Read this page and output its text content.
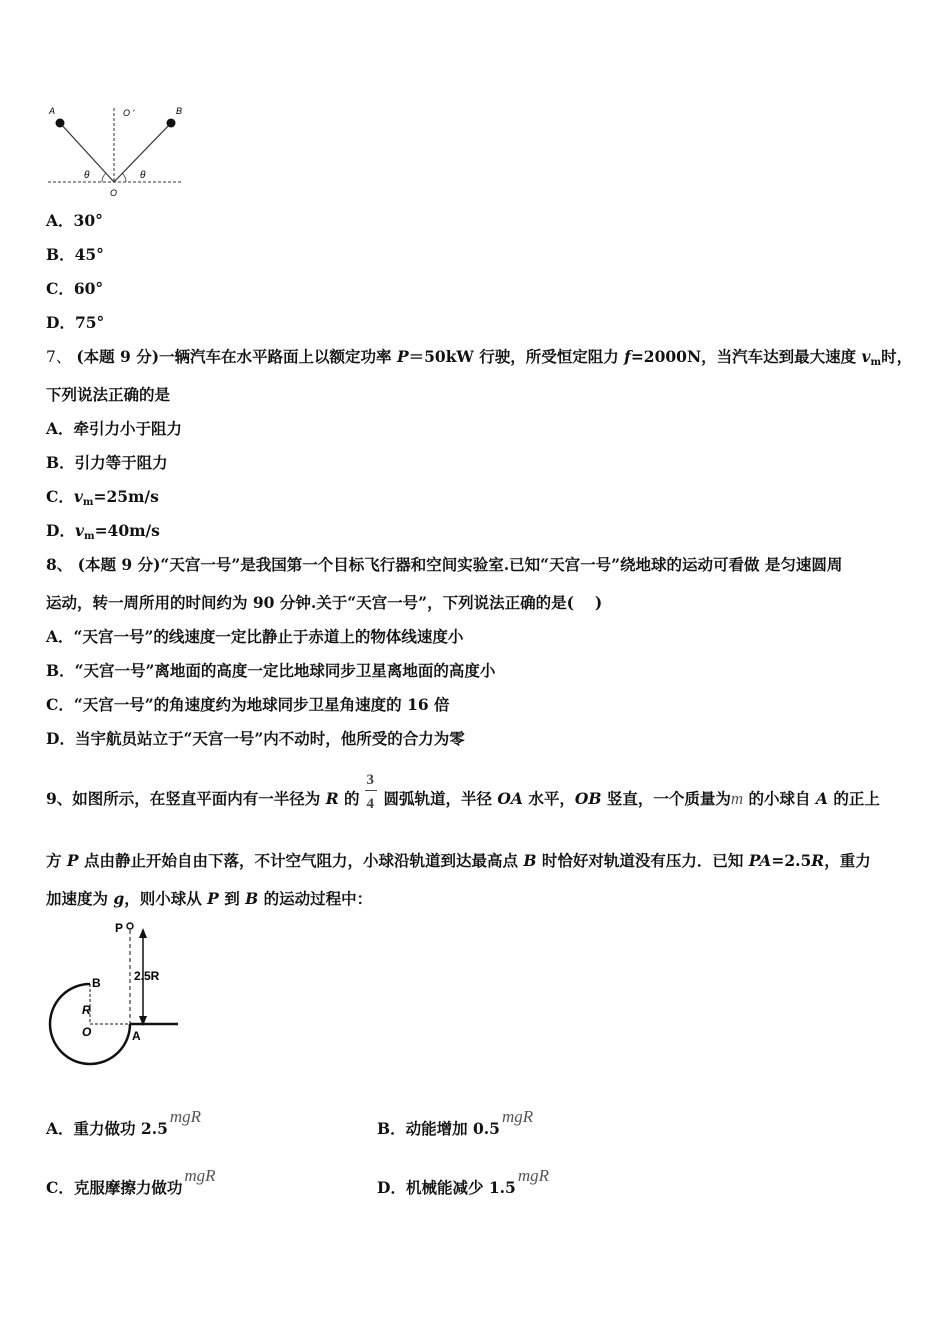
A	B
O '
O
θ	θ
A．30°
B．45°
C．60°
D．75°
7、 (本题 9 分)一辆汽车在水平路面上以额定功率 P＝50kW 行驶，所受恒定阻力 f=2000N，当汽车达到最大速度 $v_m$时，
下列说法正确的是
A．牵引力小于阻力
B．引力等于阻力
C．$v_m=25m/s$
D．$v_m=40m/s$
8、 (本题 9 分)“天宫一号”是我国第一个目标飞行器和空间实验室.已知“天宫一号”绕地球的运动可看做 是匀速圆周
运动，转一周所用的时间约为 90 分钟.关于“天宫一号”，下列说法正确的是(　 )
A．“天宫一号”的线速度一定比静止于赤道上的物体线速度小
B．“天宫一号”离地面的高度一定比地球同步卫星离地面的高度小
C．“天宫一号”的角速度约为地球同步卫星角速度的 16 倍
D．当宇航员站立于“天宫一号”内不动时，他所受的合力为零
9、如图所示，在竖直平面内有一半径为 R 的 $\frac{3}{4}$ 圆弧轨道，半径 OA 水平，OB 竖直，一个质量为m 的小球自 A 的正上
方 P 点由静止开始自由下落，不计空气阻力，小球沿轨道到达最高点 B 时恰好对轨道没有压力．已知 PA=2.5R，重力
加速度为 g，则小球从 P 到 B 的运动过程中：
P
2.5R
B
R
O	A
A．重力做功 2.5mgR
B．动能增加 0.5mgR
C．克服摩擦力做功mgR
D．机械能减少 1.5mgR
